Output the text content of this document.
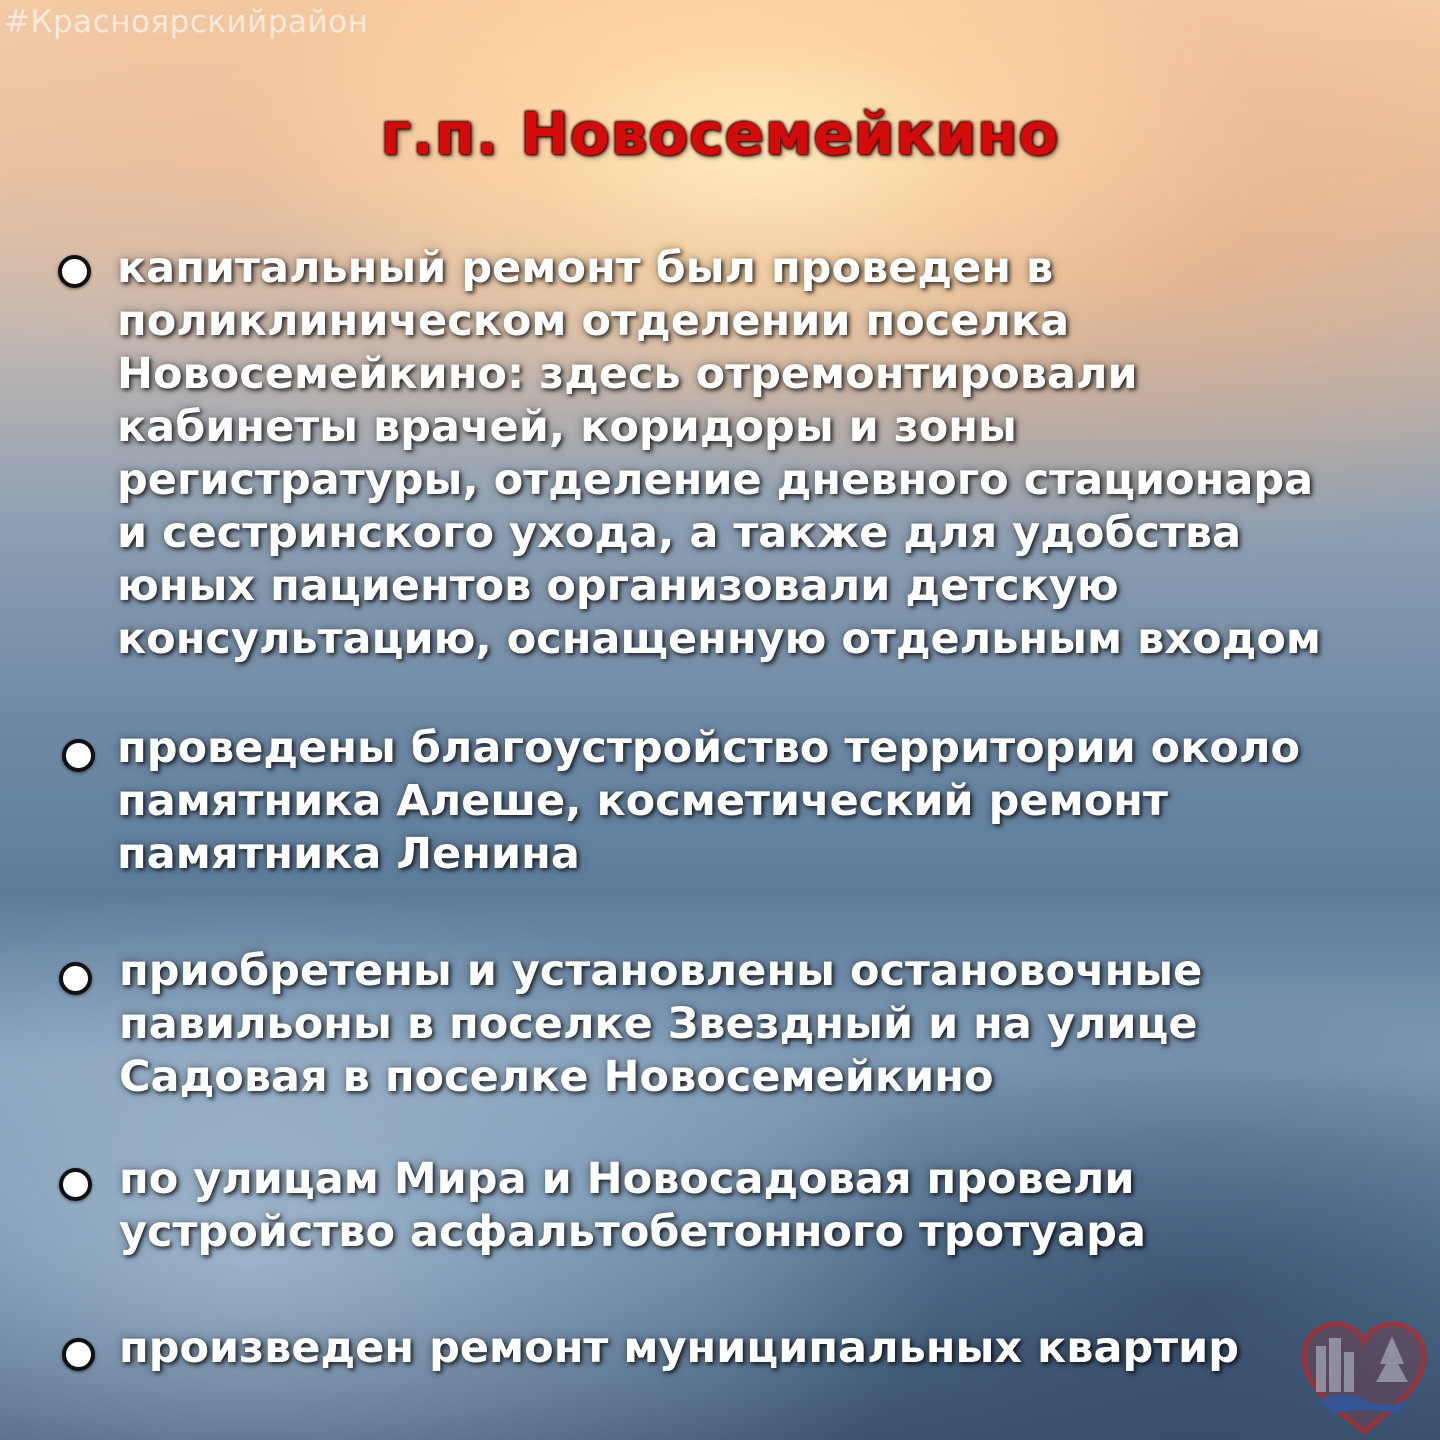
#Красноярскийрайон
г.п. Новосемейкино
капитальный ремонт был проведен в
поликлиническом отделении поселка
Новосемейкино: здесь отремонтировали
кабинеты врачей, коридоры и зоны
регистратуры, отделение дневного стационара
и сестринского ухода, а также для удобства
юных пациентов организовали детскую
консультацию, оснащенную отдельным входом
проведены благоустройство территории около
памятника Алеше, косметический ремонт
памятника Ленина
приобретены и установлены остановочные
павильоны в поселке Звездный и на улице
Садовая в поселке Новосемейкино
по улицам Мира и Новосадовая провели
устройство асфальтобетонного тротуара
произведен ремонт муниципальных квартир
